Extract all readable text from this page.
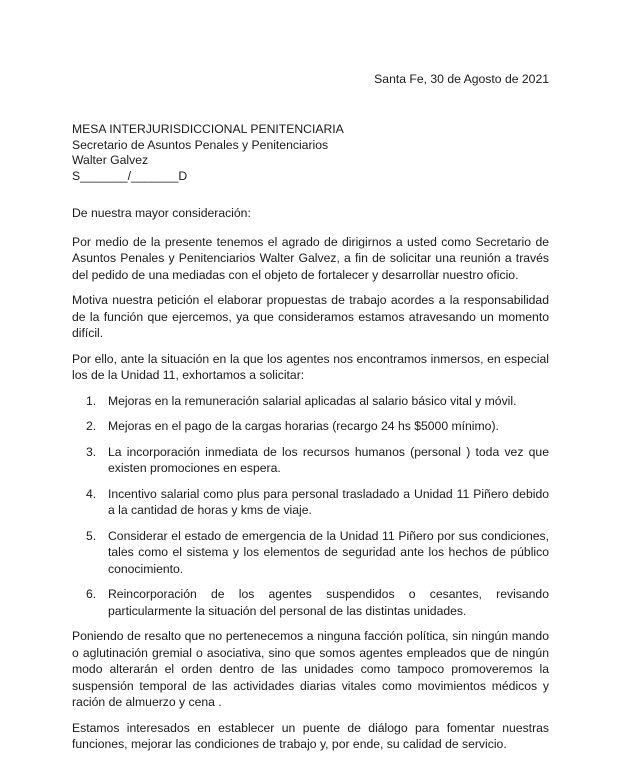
Santa Fe, 30 de Agosto de 2021
MESA INTERJURISDICCIONAL PENITENCIARIA
Secretario de Asuntos Penales y Penitenciarios
Walter Galvez
S_______/_______D

De nuestra mayor consideración:

Por medio de la presente tenemos el agrado de dirigirnos a usted como Secretario de Asuntos Penales y Penitenciarios Walter Galvez, a fin de solicitar una reunión a través del pedido de una mediadas con el objeto de fortalecer y desarrollar nuestro oficio.

Motiva nuestra petición el elaborar propuestas de trabajo acordes a la responsabilidad de la función que ejercemos, ya que consideramos estamos atravesando un momento difícil.

Por ello, ante la situación en la que los agentes nos encontramos inmersos, en especial los de la Unidad 11, exhortamos a solicitar:

1. Mejoras en la remuneración salarial aplicadas al salario básico vital y móvil.
2. Mejoras en el pago de la cargas horarias (recargo 24 hs $5000 mínimo).
3. La incorporación inmediata de los recursos humanos (personal ) toda vez que existen promociones en espera.
4. Incentivo salarial como plus para personal trasladado a Unidad 11 Piñero debido a la cantidad de horas y kms de viaje.
5. Considerar el estado de emergencia de la Unidad 11 Piñero por sus condiciones, tales como el sistema y los elementos de seguridad ante los hechos de público conocimiento.
6. Reincorporación de los agentes suspendidos o cesantes, revisando particularmente la situación del personal de las distintas unidades.

Poniendo de resalto que no pertenecemos a ninguna facción política, sin ningún mando o aglutinación gremial o asociativa, sino que somos agentes empleados que de ningún modo alterarán el orden dentro de las unidades como tampoco promoveremos la suspensión temporal de las actividades diarias vitales como movimientos médicos y ración de almuerzo y cena .

Estamos interesados en establecer un puente de diálogo para fomentar nuestras funciones, mejorar las condiciones de trabajo y, por ende, su calidad de servicio.
